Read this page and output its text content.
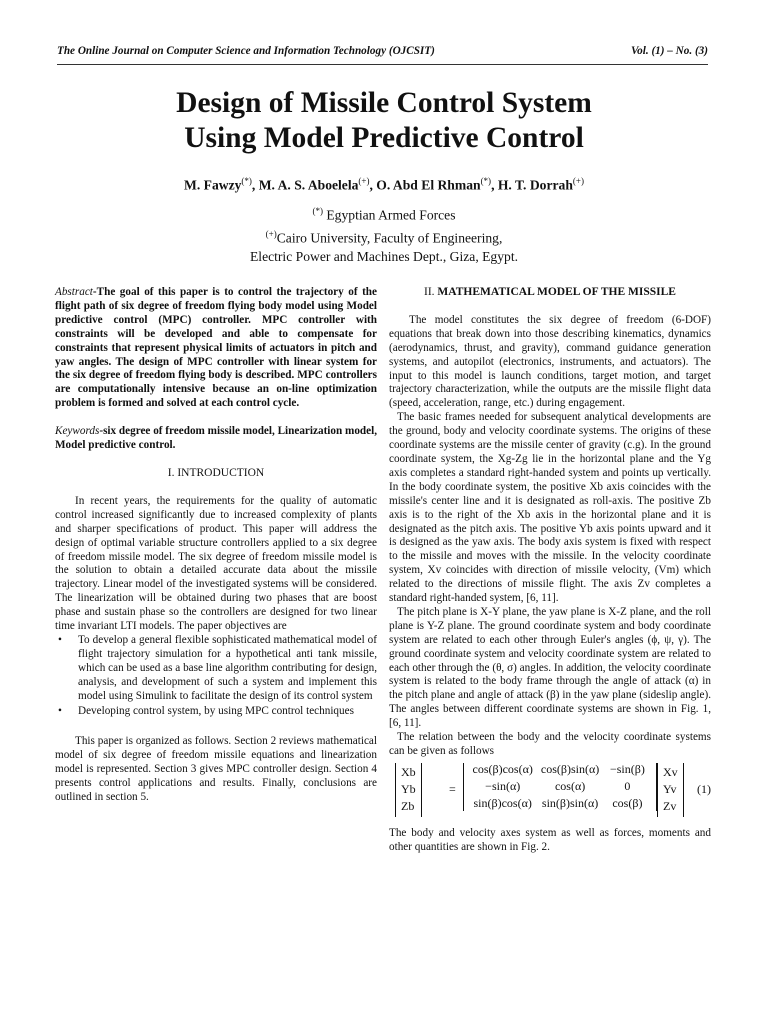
The Online Journal on Computer Science and Information Technology (OJCSIT)	Vol. (1) – No. (3)
Design of Missile Control System
Using Model Predictive Control
M. Fawzy(*), M. A. S. Aboelela(+), O. Abd El Rhman(*), H. T. Dorrah(+)
(*) Egyptian Armed Forces
(+)Cairo University, Faculty of Engineering,
Electric Power and Machines Dept., Giza, Egypt.

Abstract-The goal of this paper is to control the trajectory of the flight path of six degree of freedom flying body model using Model predictive control (MPC) controller. MPC controller with constraints will be developed and able to compensate for constraints that represent physical limits of actuators in pitch and yaw angles. The design of MPC controller with linear system for the six degree of freedom flying body is described. MPC controllers are computationally intensive because an on-line optimization problem is formed and solved at each control cycle.

Keywords-six degree of freedom missile model, Linearization model, Model predictive control.

I. INTRODUCTION

In recent years, the requirements for the quality of automatic control increased significantly due to increased complexity of plants and sharper specifications of product. This paper will address the design of optimal variable structure controllers applied to a six degree of freedom missile model. The six degree of freedom missile model is the solution to obtain a detailed accurate data about the missile trajectory. Linear model of the investigated systems will be considered. The linearization will be obtained during two phases that are boost phase and sustain phase so the controllers are designed for two linear time invariant LTI models. The paper objectives are

• To develop a general flexible sophisticated mathematical model of flight trajectory simulation for a hypothetical anti tank missile, which can be used as a base line algorithm contributing for design, analysis, and development of such a system and implement this model using Simulink to facilitate the design of its control system
• Developing control system, by using MPC control techniques

This paper is organized as follows. Section 2 reviews mathematical model of six degree of freedom missile equations and linearization model is represented. Section 3 gives MPC controller design. Section 4 presents control applications and results. Finally, conclusions are outlined in section 5.

II. MATHEMATICAL MODEL OF THE MISSILE

The model constitutes the six degree of freedom (6-DOF) equations that break down into those describing kinematics, dynamics (aerodynamics, thrust, and gravity), command guidance generation systems, and autopilot (electronics, instruments, and actuators). The input to this model is launch conditions, target motion, and target trajectory characterization, while the outputs are the missile flight data (speed, acceleration, range, etc.) during engagement.

The basic frames needed for subsequent analytical developments are the ground, body and velocity coordinate systems. The origins of these coordinate systems are the missile center of gravity (c.g). In the ground coordinate system, the Xg-Zg lie in the horizontal plane and the Yg axis completes a standard right-handed system and points up vertically. In the body coordinate system, the positive Xb axis coincides with the missile's center line and it is designated as roll-axis. The positive Zb axis is to the right of the Xb axis in the horizontal plane and it is designated as the pitch axis. The positive Yb axis points upward and it is designed as the yaw axis. The body axis system is fixed with respect to the missile and moves with the missile. In the velocity coordinate system, Xv coincides with direction of missile velocity, (Vm) which related to the directions of missile flight. The axis Zv completes a standard right-handed system, [6, 11].

The pitch plane is X-Y plane, the yaw plane is X-Z plane, and the roll plane is Y-Z plane. The ground coordinate system and body coordinate system are related to each other through Euler's angles (ϕ, ψ, γ). The ground coordinate system and velocity coordinate system are related to each other through the (θ, σ) angles. In addition, the velocity coordinate system is related to the body frame through the angle of attack (α) in the pitch plane and angle of attack (β) in the yaw plane (sideslip angle). The angles between different coordinate systems are shown in Fig. 1, [6, 11].

The relation between the body and the velocity coordinate systems can be given as follows

Xb
Yb
Zb
=
cos(β)cos(α) cos(β)sin(α) −sin(β)
−sin(α)	cos(α)	0
sin(β)cos(α) sin(β)sin(α)	cos(β)
Xv
Yv
Zv
(1)

The body and velocity axes system as well as forces, moments and other quantities are shown in Fig. 2.
